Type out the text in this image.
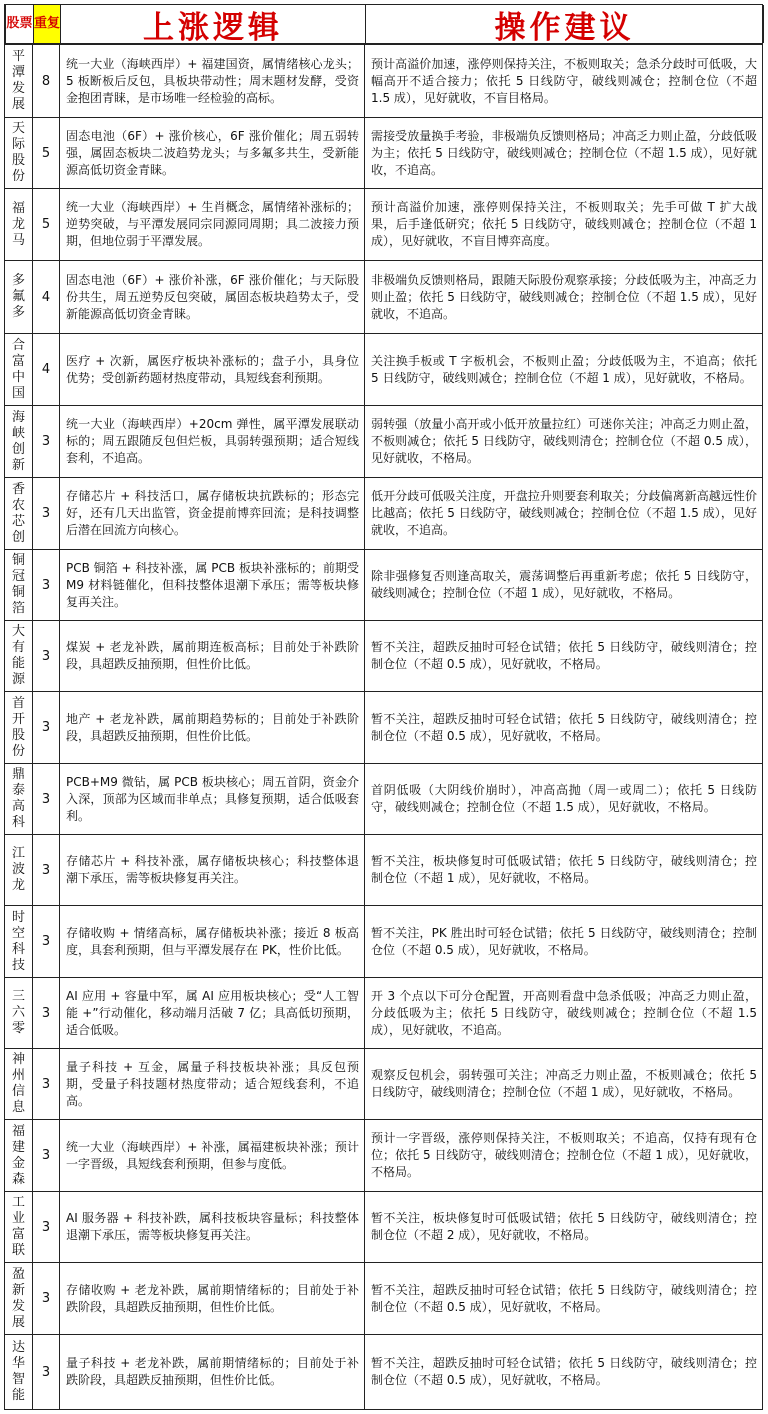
股票 重复	上涨逻辑	操作建议
平潭发展
8
统一大业（海峡西岸）+ 福建国资，属情绪核心龙头；5 板断板后反包，具板块带动性；周末题材发酵，受资金抱团青睐，是市场唯一经检验的高标。
预计高溢价加速，涨停则保持关注，不板则取关；急杀分歧时可低吸，大幅高开不适合接力；依托 5 日线防守，破线则减仓；控制仓位（不超 1.5 成），见好就收，不盲目格局。
天际股份
5
固态电池（6F）+ 涨价核心，6F 涨价催化；周五弱转强，属固态板块二波趋势龙头；与多氟多共生，受新能源高低切资金青睐。
需接受放量换手考验，非极端负反馈则格局；冲高乏力则止盈，分歧低吸为主；依托 5 日线防守，破线则减仓；控制仓位（不超 1.5 成），见好就收，不追高。
福龙马
5
统一大业（海峡西岸）+ 生肖概念，属情绪补涨标的；逆势突破，与平潭发展同宗同源同周期；具二波接力预期，但地位弱于平潭发展。
预计高溢价加速，涨停则保持关注，不板则取关；先手可做 T 扩大战果，后手逢低研究；依托 5 日线防守，破线则减仓；控制仓位（不超 1 成），见好就收，不盲目博弈高度。
多氟多
4
固态电池（6F）+ 涨价补涨，6F 涨价催化；与天际股份共生，周五逆势反包突破，属固态板块趋势太子，受新能源高低切资金青睐。
非极端负反馈则格局，跟随天际股份观察承接；分歧低吸为主，冲高乏力则止盈；依托 5 日线防守，破线则减仓；控制仓位（不超 1.5 成），见好就收，不追高。
合富中国
4
医疗 + 次新，属医疗板块补涨标的；盘子小，具身位优势；受创新药题材热度带动，具短线套利预期。
关注换手板或 T 字板机会，不板则止盈；分歧低吸为主，不追高；依托 5 日线防守，破线则减仓；控制仓位（不超 1 成），见好就收，不格局。
海峡创新
3
统一大业（海峡西岸）+20cm 弹性，属平潭发展联动标的；周五跟随反包但烂板，具弱转强预期；适合短线套利，不追高。
弱转强（放量小高开或小低开放量拉红）可迷你关注；冲高乏力则止盈，不板则减仓；依托 5 日线防守，破线则清仓；控制仓位（不超 0.5 成），见好就收，不格局。
香农芯创
3
存储芯片 + 科技活口，属存储板块抗跌标的；形态完好，还有几天出监管，资金提前博弈回流；是科技调整后潜在回流方向核心。
低开分歧可低吸关注度，开盘拉升则要套利取关；分歧偏离新高越远性价比越高；依托 5 日线防守，破线则减仓；控制仓位（不超 1.5 成），见好就收，不追高。
铜冠铜箔
3
PCB 铜箔 + 科技补涨，属 PCB 板块补涨标的；前期受 M9 材料链催化，但科技整体退潮下承压；需等板块修复再关注。
除非强修复否则逢高取关，震荡调整后再重新考虑；依托 5 日线防守，破线则减仓；控制仓位（不超 1 成），见好就收，不格局。
大有能源
3
煤炭 + 老龙补跌，属前期连板高标；目前处于补跌阶段，具超跌反抽预期，但性价比低。
暂不关注，超跌反抽时可轻仓试错；依托 5 日线防守，破线则清仓；控制仓位（不超 0.5 成），见好就收，不格局。
首开股份
3
地产 + 老龙补跌，属前期趋势标的；目前处于补跌阶段，具超跌反抽预期，但性价比低。
暂不关注，超跌反抽时可轻仓试错；依托 5 日线防守，破线则清仓；控制仓位（不超 0.5 成），见好就收，不格局。
鼎泰高科
3
PCB+M9 微钻，属 PCB 板块核心；周五首阴，资金介入深，顶部为区域而非单点；具修复预期，适合低吸套利。
首阴低吸（大阴线价崩时），冲高高抛（周一或周二）；依托 5 日线防守，破线则减仓；控制仓位（不超 1.5 成），见好就收，不格局。
江波龙
3
存储芯片 + 科技补涨，属存储板块核心；科技整体退潮下承压，需等板块修复再关注。
暂不关注，板块修复时可低吸试错；依托 5 日线防守，破线则清仓；控制仓位（不超 1 成），见好就收，不格局。
时空科技
3
存储收购 + 情绪高标，属存储板块补涨；接近 8 板高度，具套利预期，但与平潭发展存在 PK，性价比低。
暂不关注，PK 胜出时可轻仓试错；依托 5 日线防守，破线则清仓；控制仓位（不超 0.5 成），见好就收，不格局。
三六零
3
AI 应用 + 容量中军，属 AI 应用板块核心；受“人工智能 +”行动催化，移动端月活破 7 亿；具高低切预期，适合低吸。
开 3 个点以下可分仓配置，开高则看盘中急杀低吸；冲高乏力则止盈，分歧低吸为主；依托 5 日线防守，破线则减仓；控制仓位（不超 1.5 成），见好就收，不追高。
神州信息
3
量子科技 + 互金，属量子科技板块补涨；具反包预期，受量子科技题材热度带动；适合短线套利，不追高。
观察反包机会，弱转强可关注；冲高乏力则止盈，不板则减仓；依托 5 日线防守，破线则清仓；控制仓位（不超 1 成），见好就收，不格局。
福建金森
3
统一大业（海峡西岸）+ 补涨，属福建板块补涨；预计一字晋级，具短线套利预期，但参与度低。
预计一字晋级，涨停则保持关注，不板则取关；不追高，仅持有现有仓位；依托 5 日线防守，破线则清仓；控制仓位（不超 1 成），见好就收，不格局。
工业富联
3
AI 服务器 + 科技补跌，属科技板块容量标；科技整体退潮下承压，需等板块修复再关注。
暂不关注，板块修复时可低吸试错；依托 5 日线防守，破线则清仓；控制仓位（不超 2 成），见好就收，不格局。
盈新发展
3
存储收购 + 老龙补跌，属前期情绪标的；目前处于补跌阶段，具超跌反抽预期，但性价比低。
暂不关注，超跌反抽时可轻仓试错；依托 5 日线防守，破线则清仓；控制仓位（不超 0.5 成），见好就收，不格局。
达华智能
3
量子科技 + 老龙补跌，属前期情绪标的；目前处于补跌阶段，具超跌反抽预期，但性价比低。
暂不关注，超跌反抽时可轻仓试错；依托 5 日线防守，破线则清仓；控制仓位（不超 0.5 成），见好就收，不格局。
